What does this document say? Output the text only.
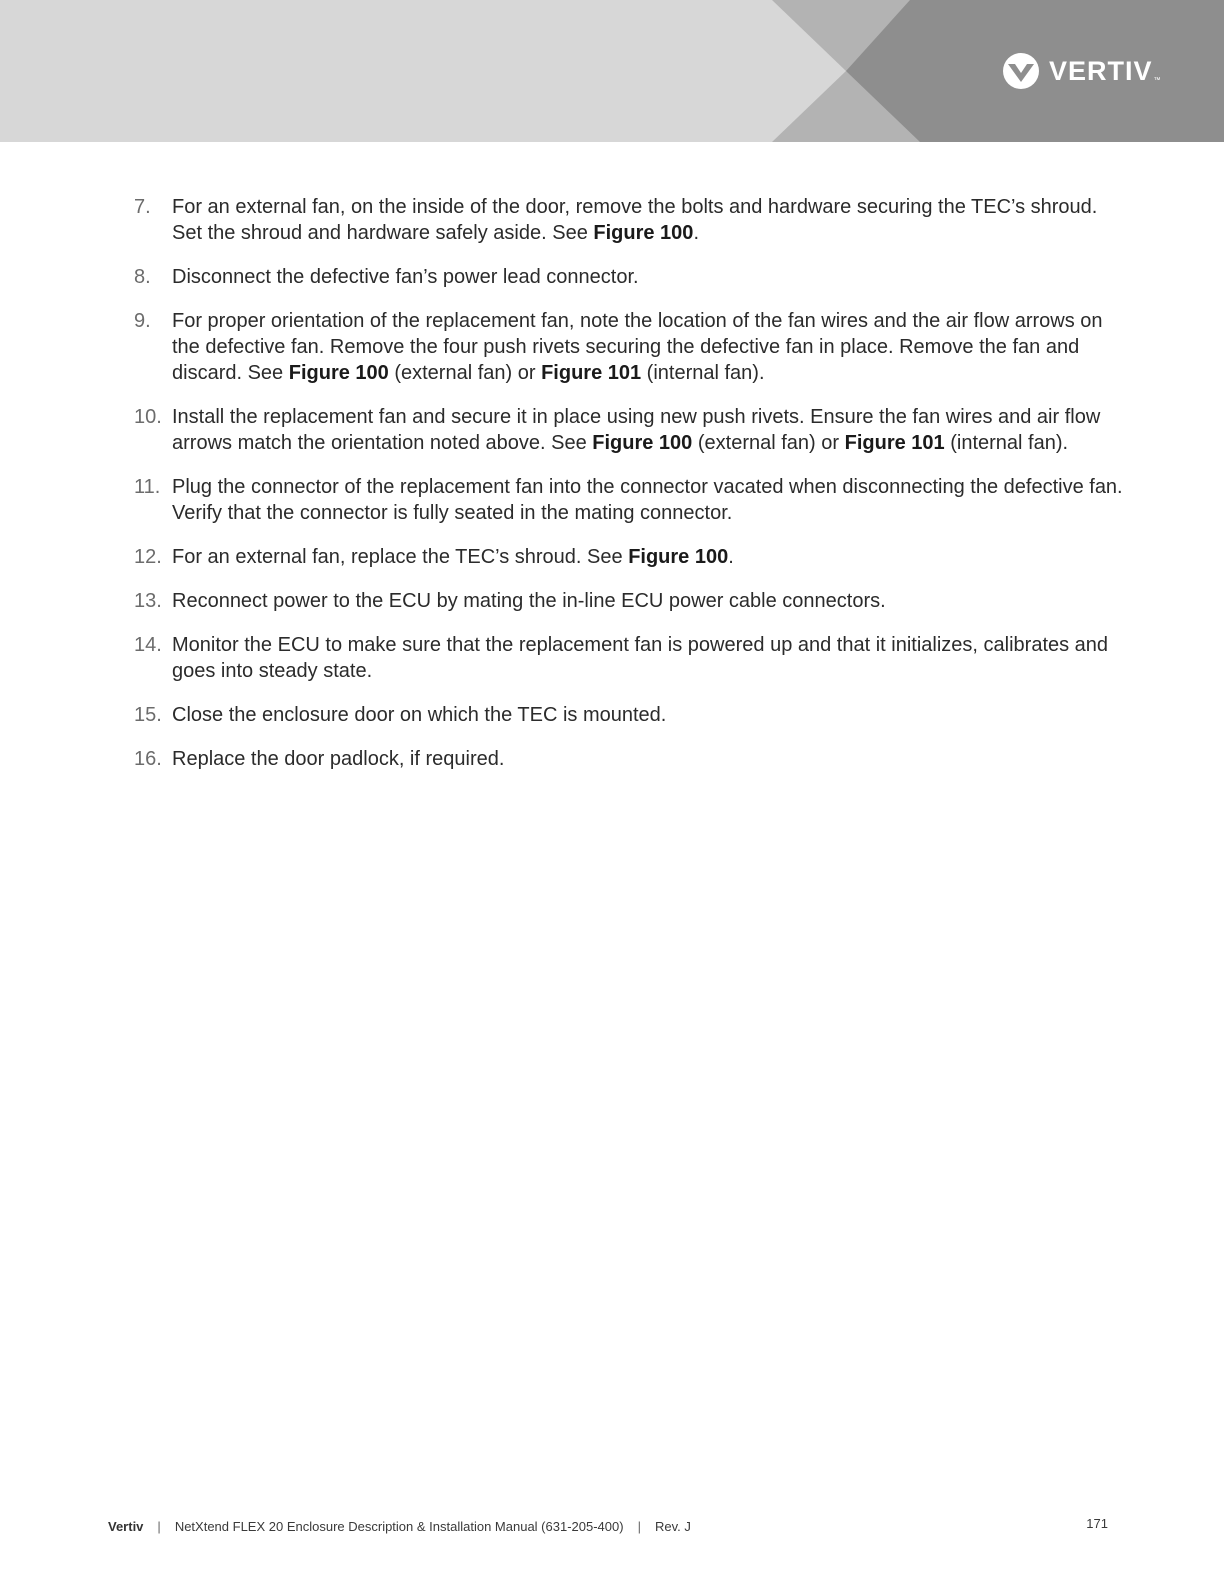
VERTIV ™
7.	For an external fan, on the inside of the door, remove the bolts and hardware securing the TEC’s shroud. Set the shroud and hardware safely aside. See Figure 100.
8.	Disconnect the defective fan’s power lead connector.
9.	For proper orientation of the replacement fan, note the location of the fan wires and the air flow arrows on the defective fan. Remove the four push rivets securing the defective fan in place. Remove the fan and discard. See Figure 100 (external fan) or Figure 101 (internal fan).
10. Install the replacement fan and secure it in place using new push rivets. Ensure the fan wires and air flow arrows match the orientation noted above. See Figure 100 (external fan) or Figure 101 (internal fan).
11. Plug the connector of the replacement fan into the connector vacated when disconnecting the defective fan. Verify that the connector is fully seated in the mating connector.
12. For an external fan, replace the TEC’s shroud. See Figure 100.
13. Reconnect power to the ECU by mating the in-line ECU power cable connectors.
14. Monitor the ECU to make sure that the replacement fan is powered up and that it initializes, calibrates and goes into steady state.
15. Close the enclosure door on which the TEC is mounted.
16. Replace the door padlock, if required.
Vertiv | NetXtend FLEX 20 Enclosure Description & Installation Manual (631-205-400) | Rev. J	171
